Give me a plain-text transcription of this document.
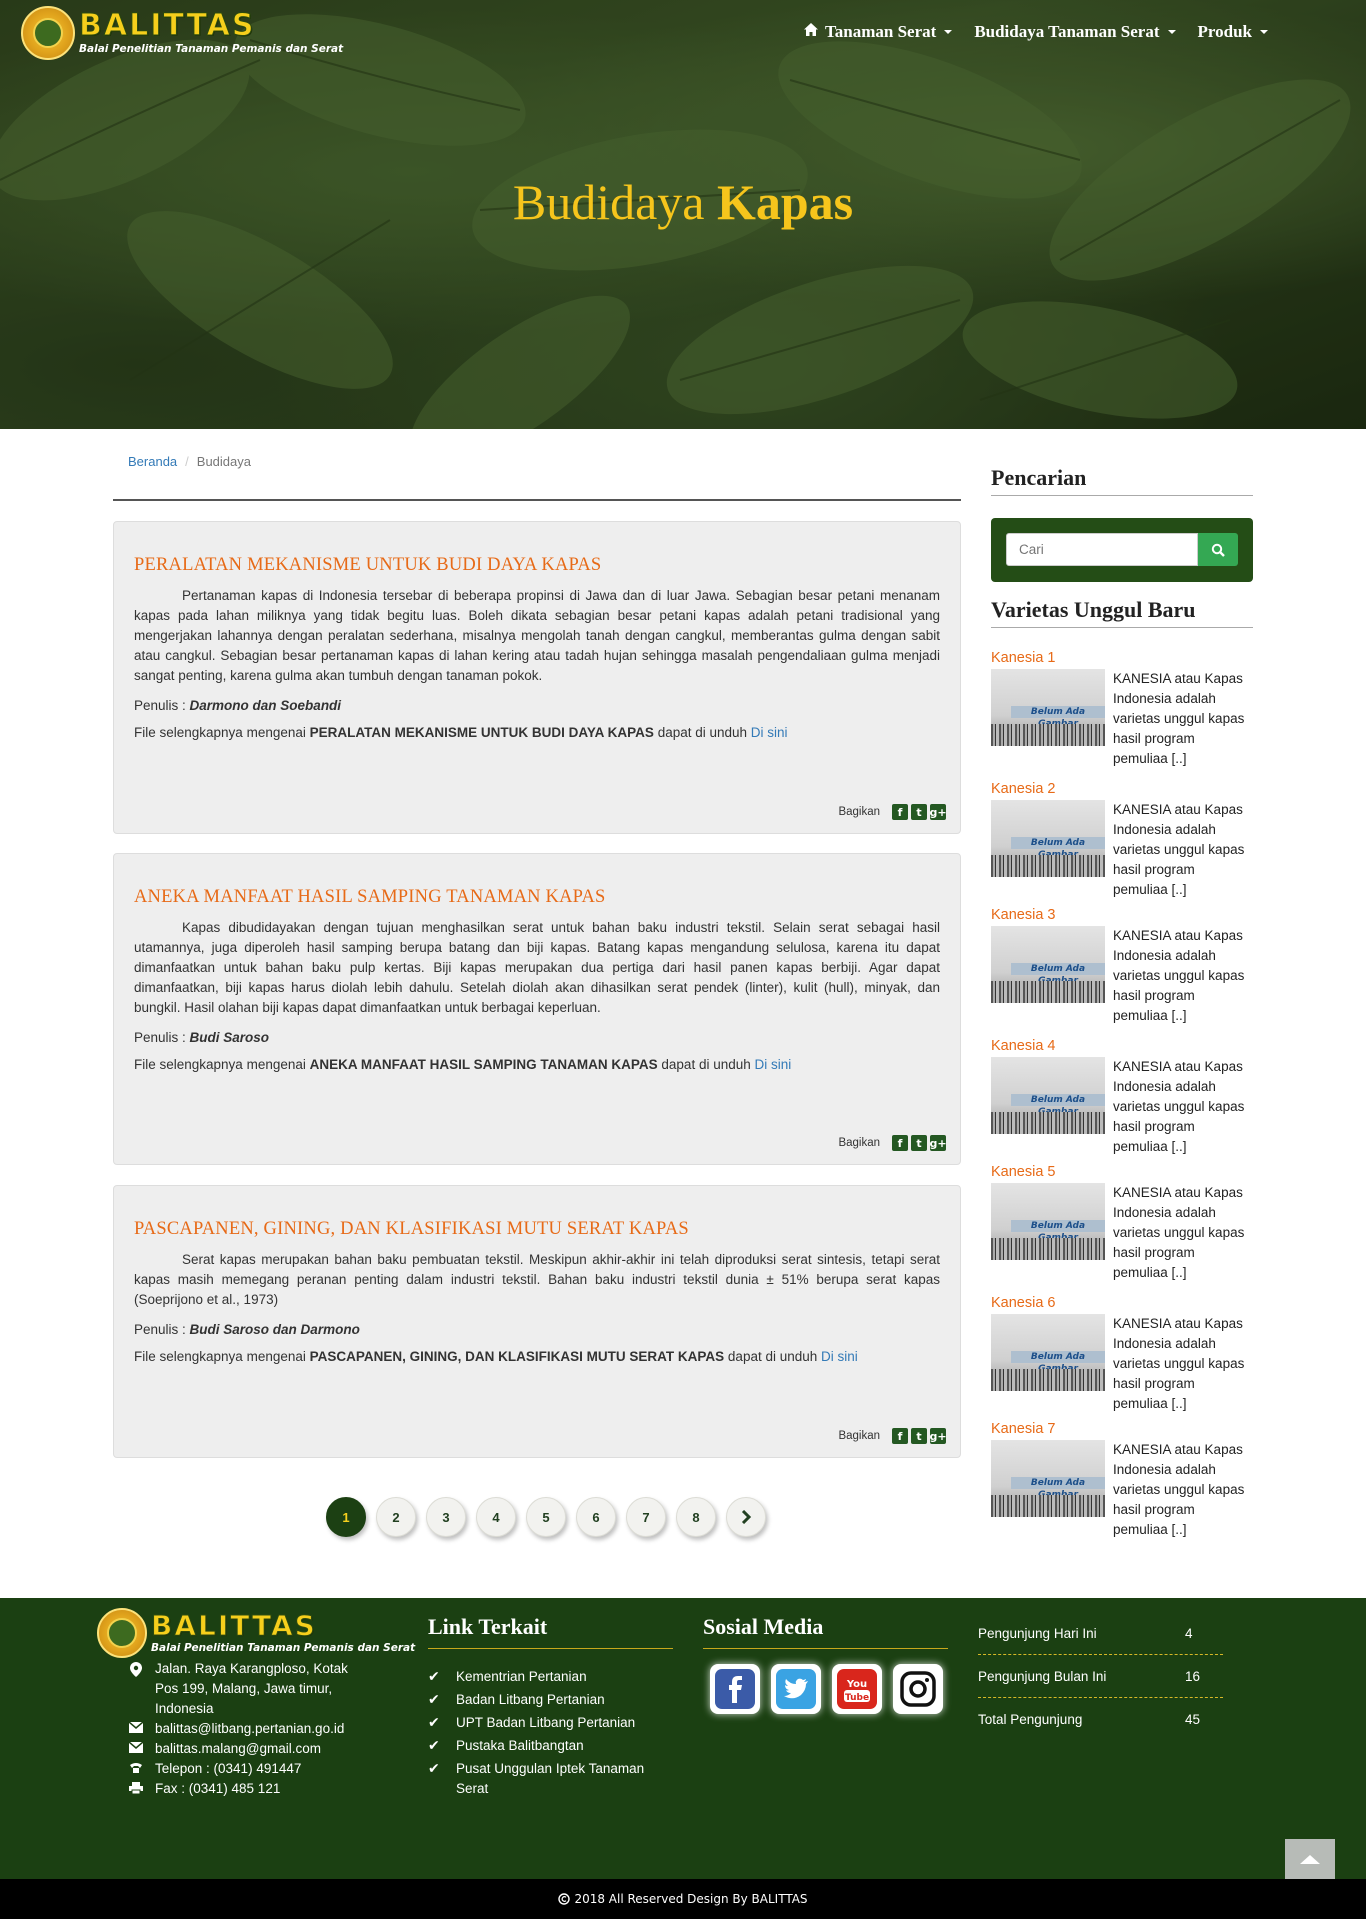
BALITTAS
Balai Penelitian Tanaman Pemanis dan Serat
Tanaman Serat Budidaya Tanaman Serat Produk
Budidaya Kapas
Beranda / Budidaya
PERALATAN MEKANISME UNTUK BUDI DAYA KAPAS

Pertanaman kapas di Indonesia tersebar di beberapa propinsi di Jawa dan di luar Jawa. Sebagian besar petani menanam kapas pada lahan miliknya yang tidak begitu luas. Boleh dikata sebagian besar petani kapas adalah petani tradisional yang mengerjakan lahannya dengan peralatan sederhana, misalnya mengolah tanah dengan cangkul, memberantas gulma dengan sabit atau cangkul. Sebagian besar pertanaman kapas di lahan kering atau tadah hujan sehingga masalah pengendaliaan gulma menjadi sangat penting, karena gulma akan tumbuh dengan tanaman pokok.

Penulis : Darmono dan Soebandi

File selengkapnya mengenai PERALATAN MEKANISME UNTUK BUDI DAYA KAPAS dapat di unduh Di sini

Bagikan	f	t g+
ANEKA MANFAAT HASIL SAMPING TANAMAN KAPAS

Kapas dibudidayakan dengan tujuan menghasilkan serat untuk bahan baku industri tekstil. Selain serat sebagai hasil utamannya, juga diperoleh hasil samping berupa batang dan biji kapas. Batang kapas mengandung selulosa, karena itu dapat dimanfaatkan untuk bahan baku pulp kertas. Biji kapas merupakan dua pertiga dari hasil panen kapas berbiji. Agar dapat dimanfaatkan, biji kapas harus diolah lebih dahulu. Setelah diolah akan dihasilkan serat pendek (linter), kulit (hull), minyak, dan bungkil. Hasil olahan biji kapas dapat dimanfaatkan untuk berbagai keperluan.

Penulis : Budi Saroso

File selengkapnya mengenai ANEKA MANFAAT HASIL SAMPING TANAMAN KAPAS dapat di unduh Di sini

Bagikan	f	t g+
PASCAPANEN, GINING, DAN KLASIFIKASI MUTU SERAT KAPAS

Serat kapas merupakan bahan baku pembuatan tekstil. Meskipun akhir-akhir ini telah diproduksi serat sintesis, tetapi serat kapas masih memegang peranan penting dalam industri tekstil. Bahan baku industri tekstil dunia ± 51% berupa serat kapas (Soeprijono et al., 1973)

Penulis : Budi Saroso dan Darmono

File selengkapnya mengenai PASCAPANEN, GINING, DAN KLASIFIKASI MUTU SERAT KAPAS dapat di unduh Di sini

Bagikan	f	t g+
1	2	3	4	5	6	7	8
Pencarian
Cari
Varietas Unggul Baru
Kanesia 1
Belum Ada
KANESIA atau Kapas Indonesia adalah varietas unggul kapas hasil program pemuliaa [..]
Kanesia 2
Belum Ada
KANESIA atau Kapas Indonesia adalah varietas unggul kapas hasil program pemuliaa [..]
Kanesia 3
Belum Ada
KANESIA atau Kapas Indonesia adalah varietas unggul kapas hasil program pemuliaa [..]
Kanesia 4
Belum Ada
KANESIA atau Kapas Indonesia adalah varietas unggul kapas hasil program pemuliaa [..]
Kanesia 5
Belum Ada
KANESIA atau Kapas Indonesia adalah varietas unggul kapas hasil program pemuliaa [..]
Kanesia 6
Belum Ada
KANESIA atau Kapas Indonesia adalah varietas unggul kapas hasil program pemuliaa [..]
Kanesia 7
Belum Ada
KANESIA atau Kapas Indonesia adalah varietas unggul kapas hasil program pemuliaa [..]
BALITTAS
Balai Penelitian Tanaman Pemanis dan Serat
Jalan. Raya Karangploso, Kotak Pos 199, Malang, Jawa timur, Indonesia
balittas@litbang.pertanian.go.id
balittas.malang@gmail.com
Telepon : (0341) 491447
Fax : (0341) 485 121
Link Terkait
✔	Kementrian Pertanian
✔	Badan Litbang Pertanian
✔	UPT Badan Litbang Pertanian
✔	Pustaka Balitbangtan
✔	Pusat Unggulan Iptek Tanaman Serat
Sosial Media
You
Tube
Pengunjung Hari Ini	4
Pengunjung Bulan Ini	16
Total Pengunjung	45
2018 All Reserved Design By BALITTAS
